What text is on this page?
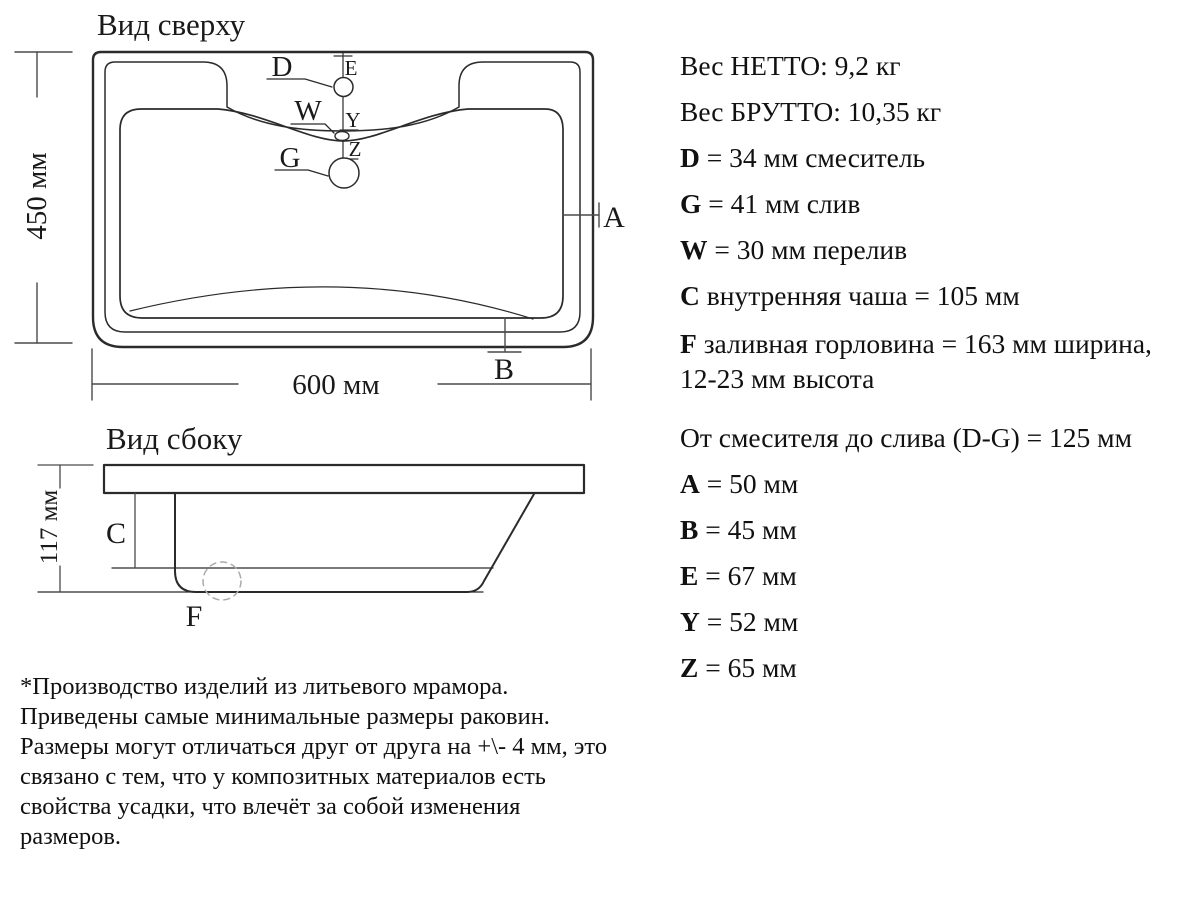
Вид сверху
Вид сбоку
450 мм
600 мм
117 мм
D E
W Y
G Z
A
B
C
F
Вес НЕТТО: 9,2 кг
Вес БРУТТО: 10,35 кг
D = 34 мм смеситель
G = 41 мм слив
W = 30 мм перелив
C внутренняя чаша = 105 мм
F заливная горловина = 163 мм ширина,
12-23 мм высота
От смесителя до слива (D-G) = 125 мм
A = 50 мм
B = 45 мм
E = 67 мм
Y = 52 мм
Z = 65 мм
*Производство изделий из литьевого мрамора.
Приведены самые минимальные размеры раковин.
Размеры могут отличаться друг от друга на +\- 4 мм, это
связано с тем, что у композитных материалов есть
свойства усадки, что влечёт за собой изменения
размеров.
